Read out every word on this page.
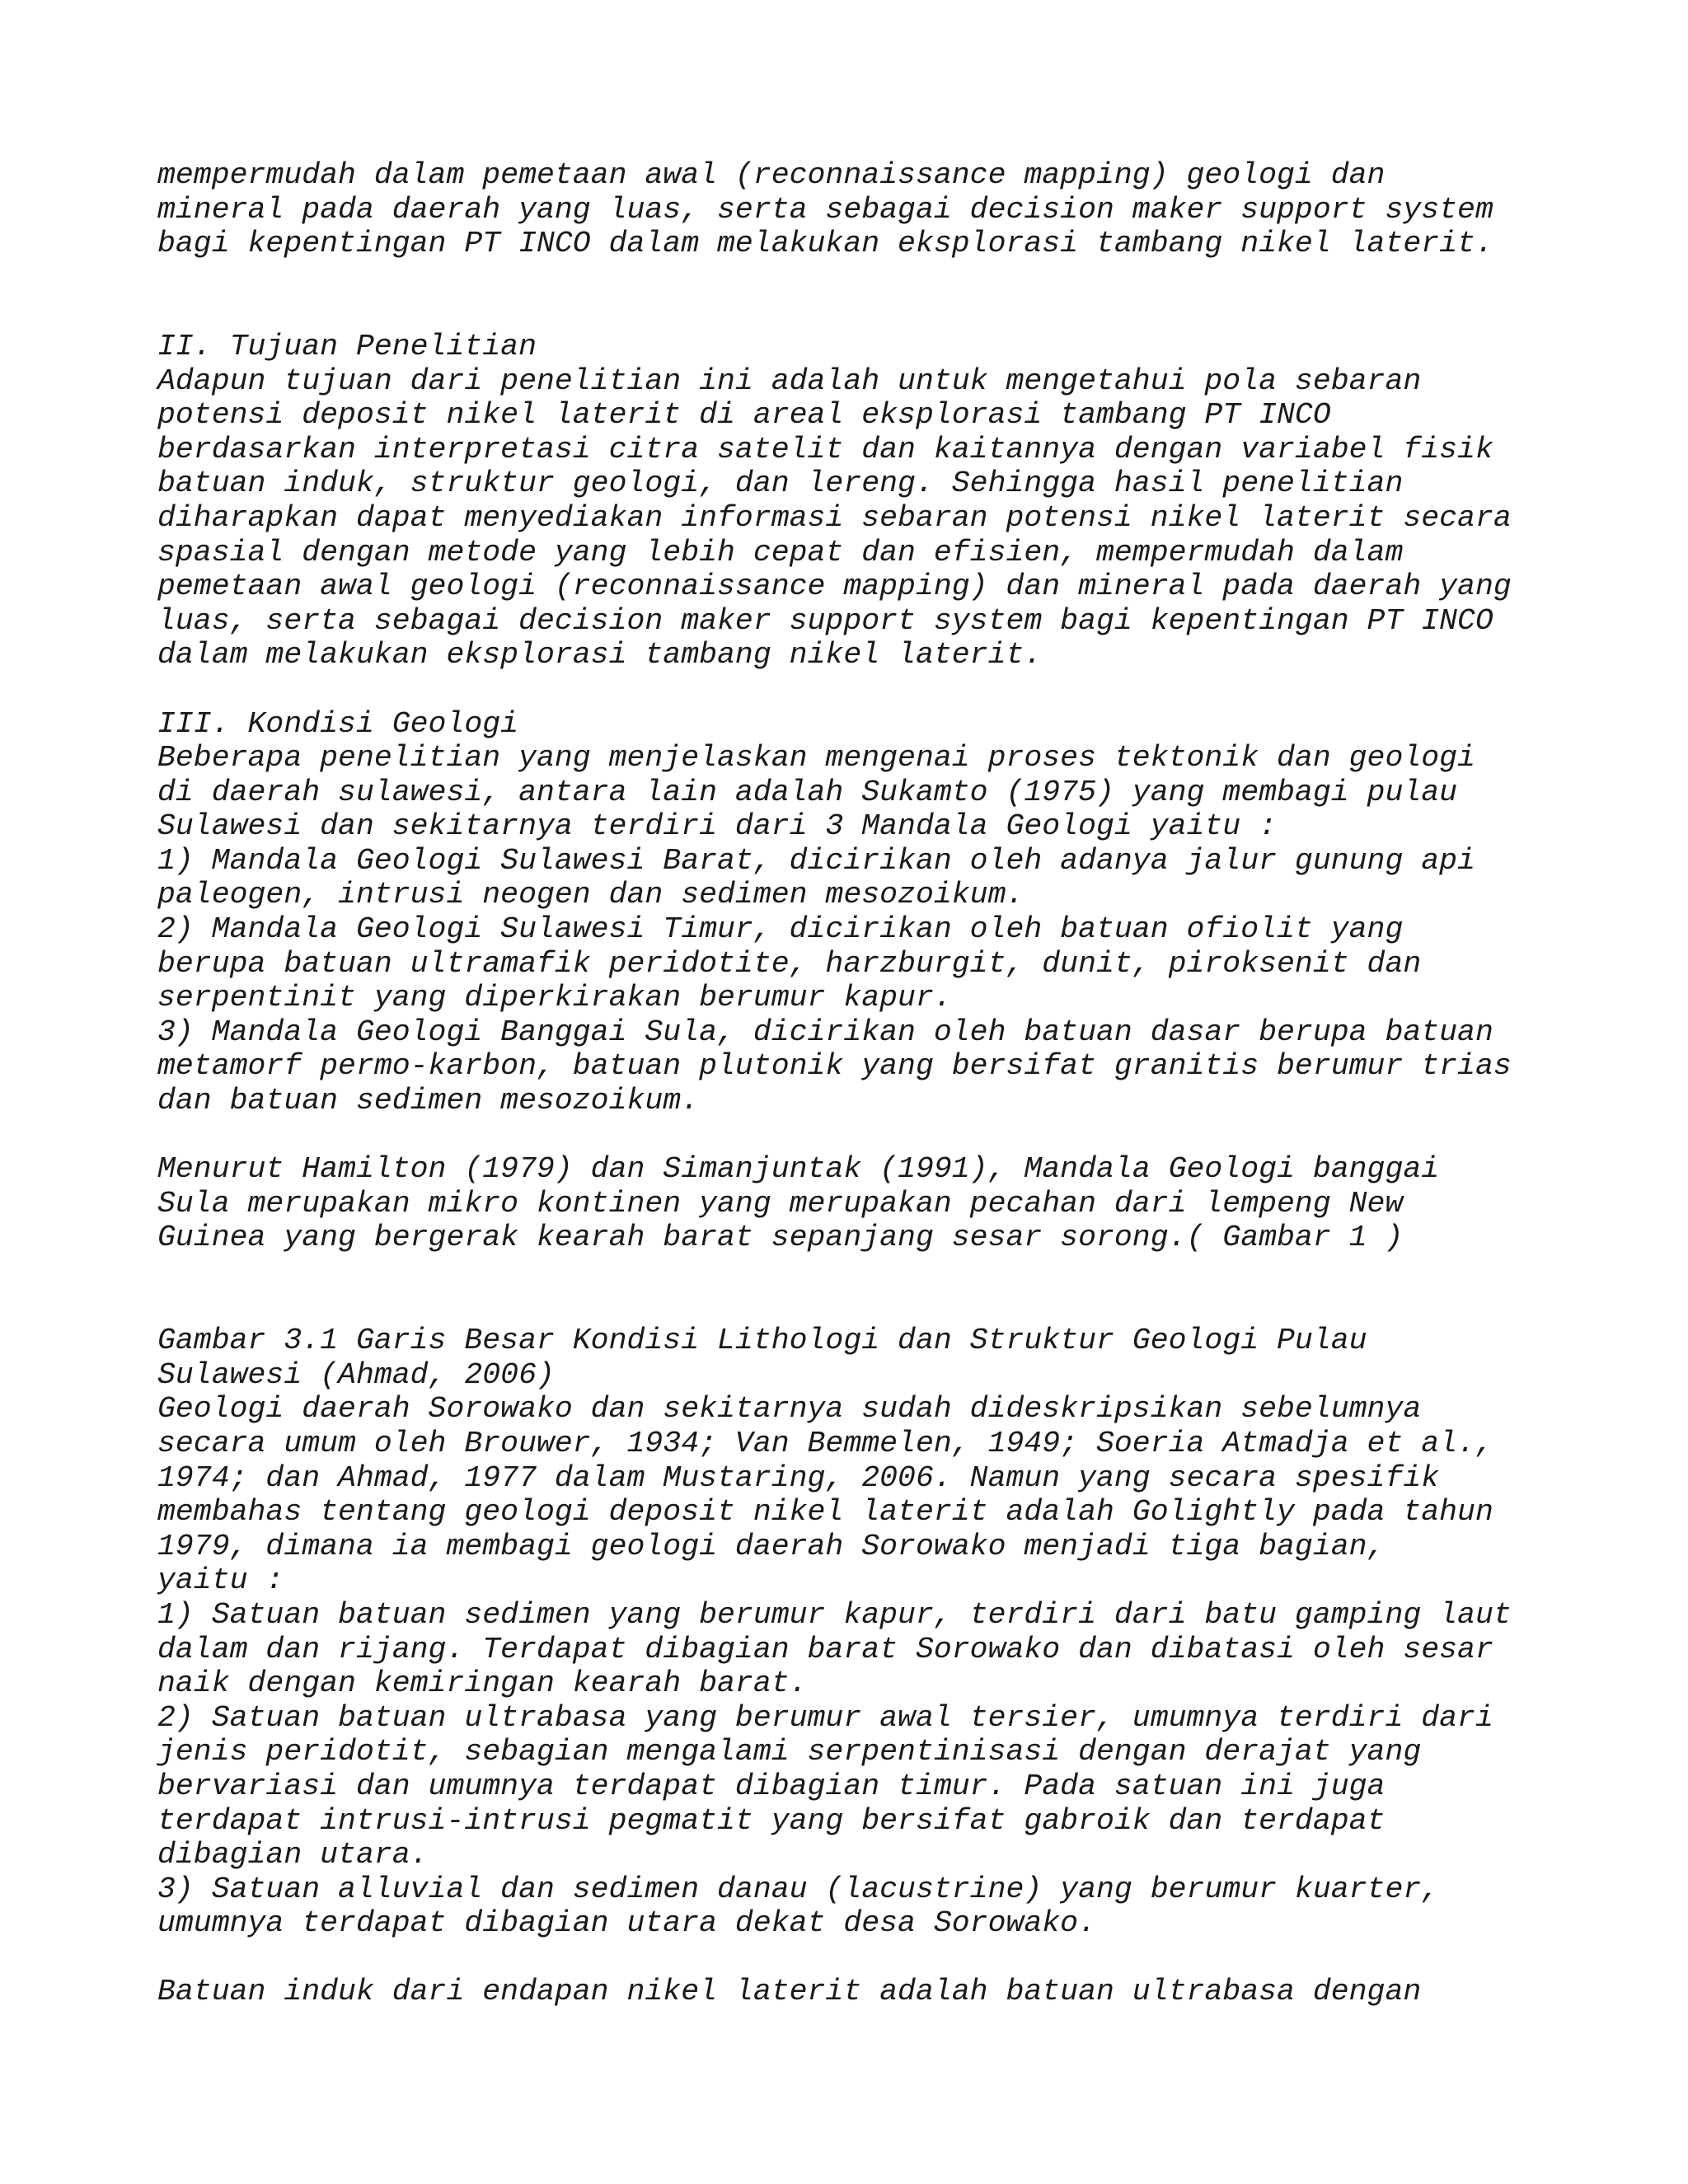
mempermudah dalam pemetaan awal (reconnaissance mapping) geologi dan
mineral pada daerah yang luas, serta sebagai decision maker support system
bagi kepentingan PT INCO dalam melakukan eksplorasi tambang nikel laterit.
II. Tujuan Penelitian
Adapun tujuan dari penelitian ini adalah untuk mengetahui pola sebaran
potensi deposit nikel laterit di areal eksplorasi tambang PT INCO
berdasarkan interpretasi citra satelit dan kaitannya dengan variabel fisik
batuan induk, struktur geologi, dan lereng. Sehingga hasil penelitian
diharapkan dapat menyediakan informasi sebaran potensi nikel laterit secara
spasial dengan metode yang lebih cepat dan efisien, mempermudah dalam
pemetaan awal geologi (reconnaissance mapping) dan mineral pada daerah yang
luas, serta sebagai decision maker support system bagi kepentingan PT INCO
dalam melakukan eksplorasi tambang nikel laterit.
III. Kondisi Geologi
Beberapa penelitian yang menjelaskan mengenai proses tektonik dan geologi
di daerah sulawesi, antara lain adalah Sukamto (1975) yang membagi pulau
Sulawesi dan sekitarnya terdiri dari 3 Mandala Geologi yaitu :
1) Mandala Geologi Sulawesi Barat, dicirikan oleh adanya jalur gunung api
paleogen, intrusi neogen dan sedimen mesozoikum.
2) Mandala Geologi Sulawesi Timur, dicirikan oleh batuan ofiolit yang
berupa batuan ultramafik peridotite, harzburgit, dunit, piroksenit dan
serpentinit yang diperkirakan berumur kapur.
3) Mandala Geologi Banggai Sula, dicirikan oleh batuan dasar berupa batuan
metamorf permo-karbon, batuan plutonik yang bersifat granitis berumur trias
dan batuan sedimen mesozoikum.
Menurut Hamilton (1979) dan Simanjuntak (1991), Mandala Geologi banggai
Sula merupakan mikro kontinen yang merupakan pecahan dari lempeng New
Guinea yang bergerak kearah barat sepanjang sesar sorong.( Gambar 1 )
Gambar 3.1 Garis Besar Kondisi Lithologi dan Struktur Geologi Pulau
Sulawesi (Ahmad, 2006)
Geologi daerah Sorowako dan sekitarnya sudah dideskripsikan sebelumnya
secara umum oleh Brouwer, 1934; Van Bemmelen, 1949; Soeria Atmadja et al.,
1974; dan Ahmad, 1977 dalam Mustaring, 2006. Namun yang secara spesifik
membahas tentang geologi deposit nikel laterit adalah Golightly pada tahun
1979, dimana ia membagi geologi daerah Sorowako menjadi tiga bagian,
yaitu :
1) Satuan batuan sedimen yang berumur kapur, terdiri dari batu gamping laut
dalam dan rijang. Terdapat dibagian barat Sorowako dan dibatasi oleh sesar
naik dengan kemiringan kearah barat.
2) Satuan batuan ultrabasa yang berumur awal tersier, umumnya terdiri dari
jenis peridotit, sebagian mengalami serpentinisasi dengan derajat yang
bervariasi dan umumnya terdapat dibagian timur. Pada satuan ini juga
terdapat intrusi-intrusi pegmatit yang bersifat gabroik dan terdapat
dibagian utara.
3) Satuan alluvial dan sedimen danau (lacustrine) yang berumur kuarter,
umumnya terdapat dibagian utara dekat desa Sorowako.
Batuan induk dari endapan nikel laterit adalah batuan ultrabasa dengan
